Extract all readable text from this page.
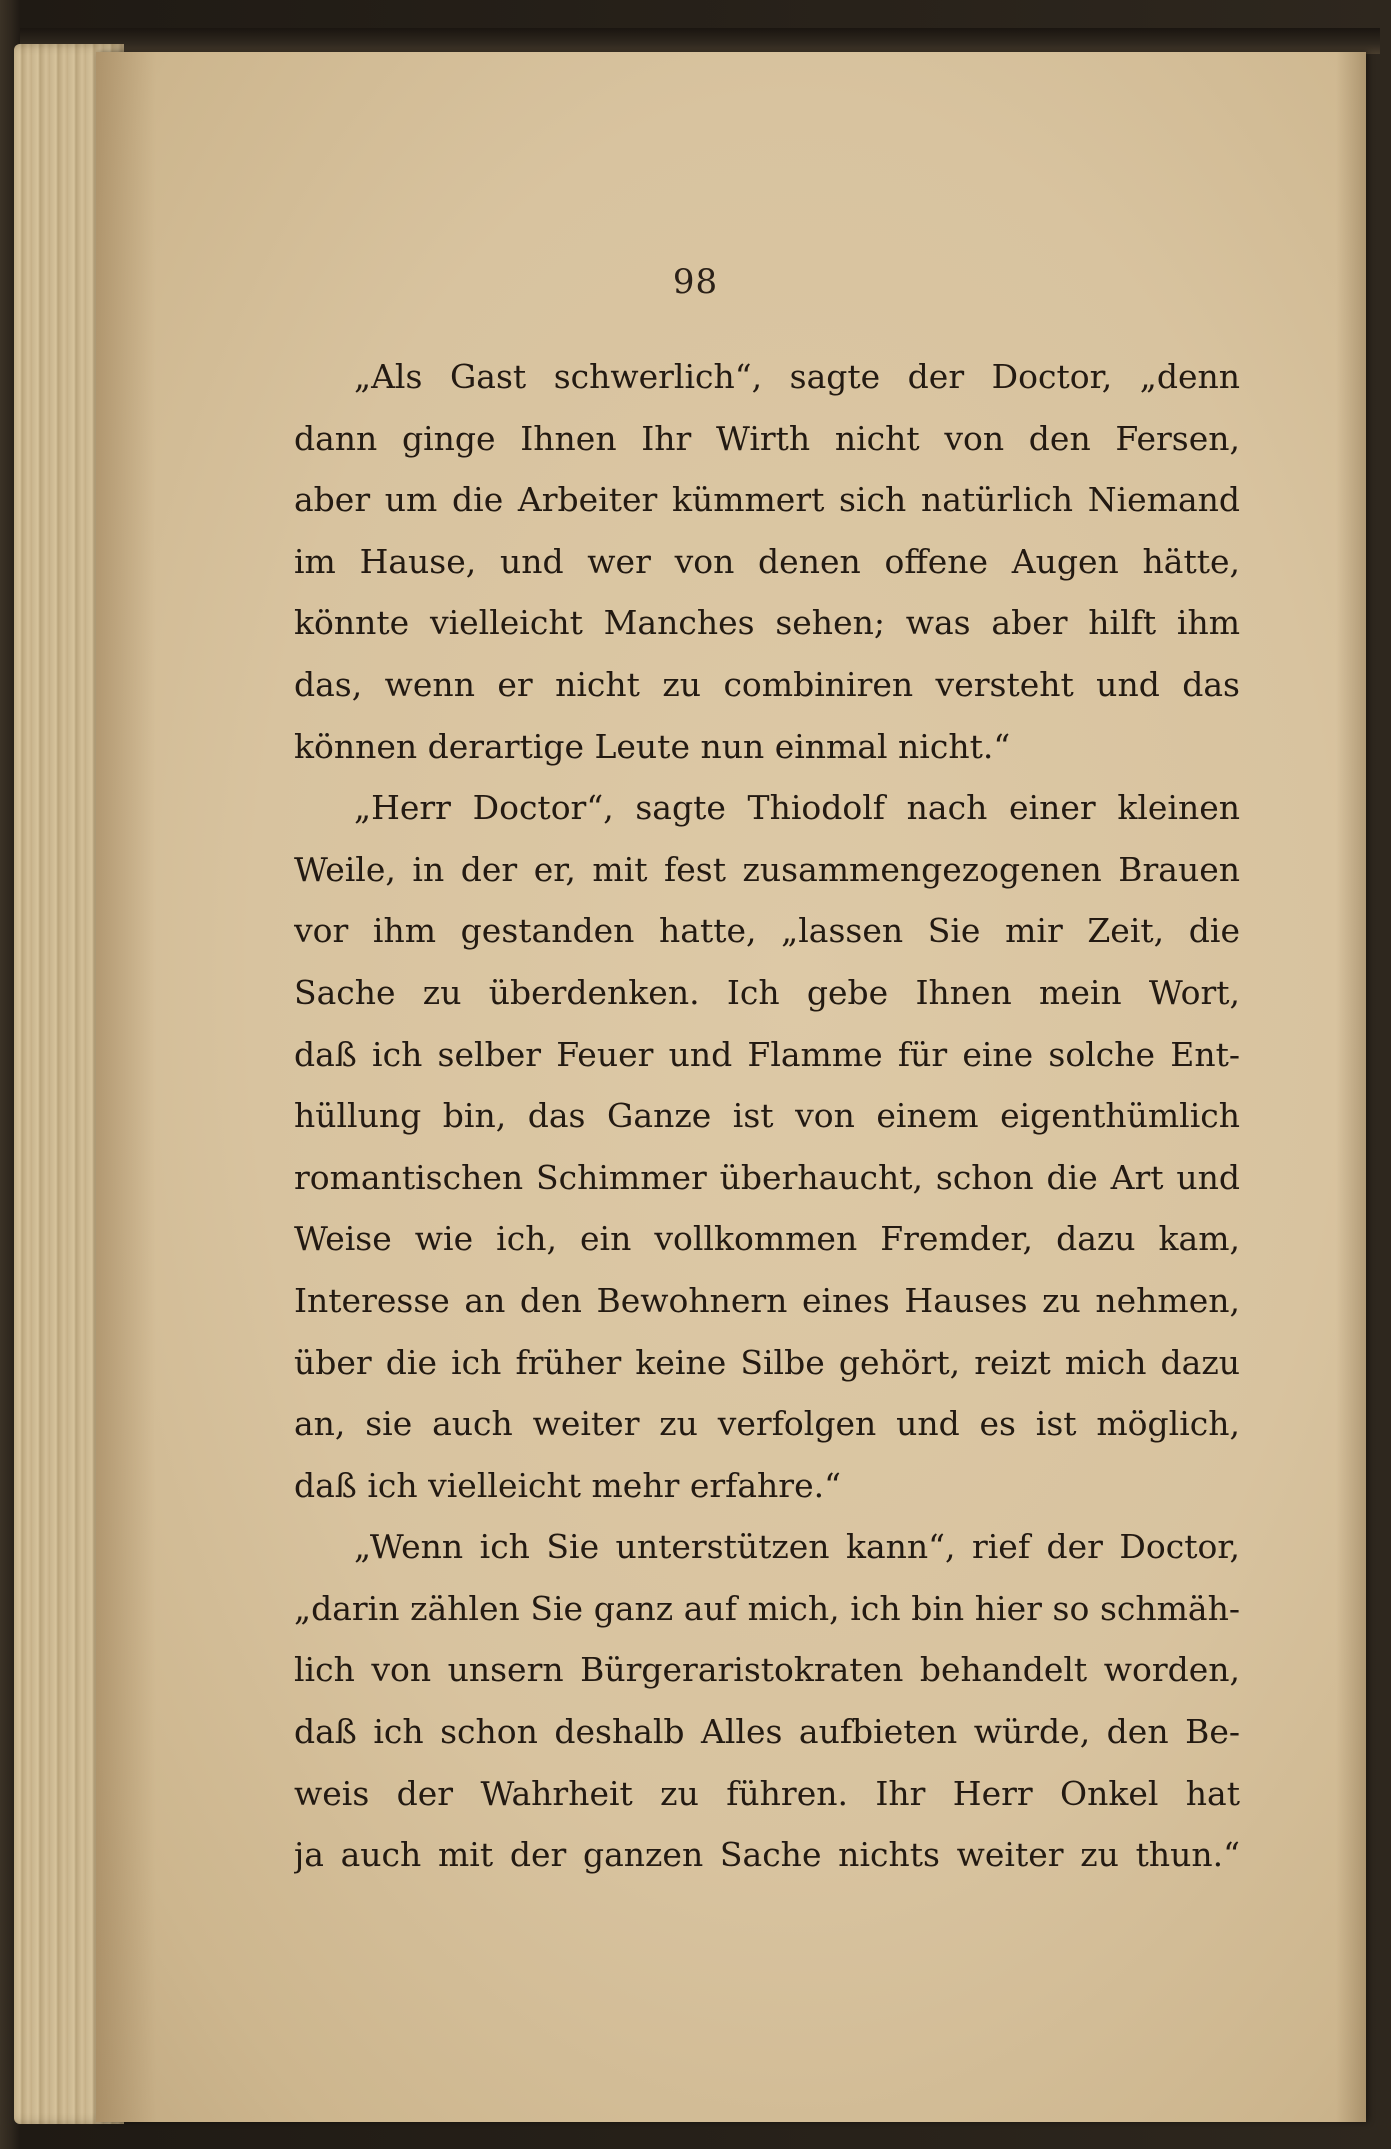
98
„Als Gast schwerlich“, sagte der Doctor, „denn
dann ginge Ihnen Ihr Wirth nicht von den Fersen,
aber um die Arbeiter kümmert sich natürlich Niemand
im Hause, und wer von denen offene Augen hätte,
könnte vielleicht Manches sehen; was aber hilft ihm
das, wenn er nicht zu combiniren versteht und das
können derartige Leute nun einmal nicht.“
„Herr Doctor“, sagte Thiodolf nach einer kleinen
Weile, in der er, mit fest zusammengezogenen Brauen
vor ihm gestanden hatte, „lassen Sie mir Zeit, die
Sache zu überdenken. Ich gebe Ihnen mein Wort,
daß ich selber Feuer und Flamme für eine solche Ent-
hüllung bin, das Ganze ist von einem eigenthümlich
romantischen Schimmer überhaucht, schon die Art und
Weise wie ich, ein vollkommen Fremder, dazu kam,
Interesse an den Bewohnern eines Hauses zu nehmen,
über die ich früher keine Silbe gehört, reizt mich dazu
an, sie auch weiter zu verfolgen und es ist möglich,
daß ich vielleicht mehr erfahre.“
„Wenn ich Sie unterstützen kann“, rief der Doctor,
„darin zählen Sie ganz auf mich, ich bin hier so schmäh-
lich von unsern Bürgeraristokraten behandelt worden,
daß ich schon deshalb Alles aufbieten würde, den Be-
weis der Wahrheit zu führen. Ihr Herr Onkel hat
ja auch mit der ganzen Sache nichts weiter zu thun.“
